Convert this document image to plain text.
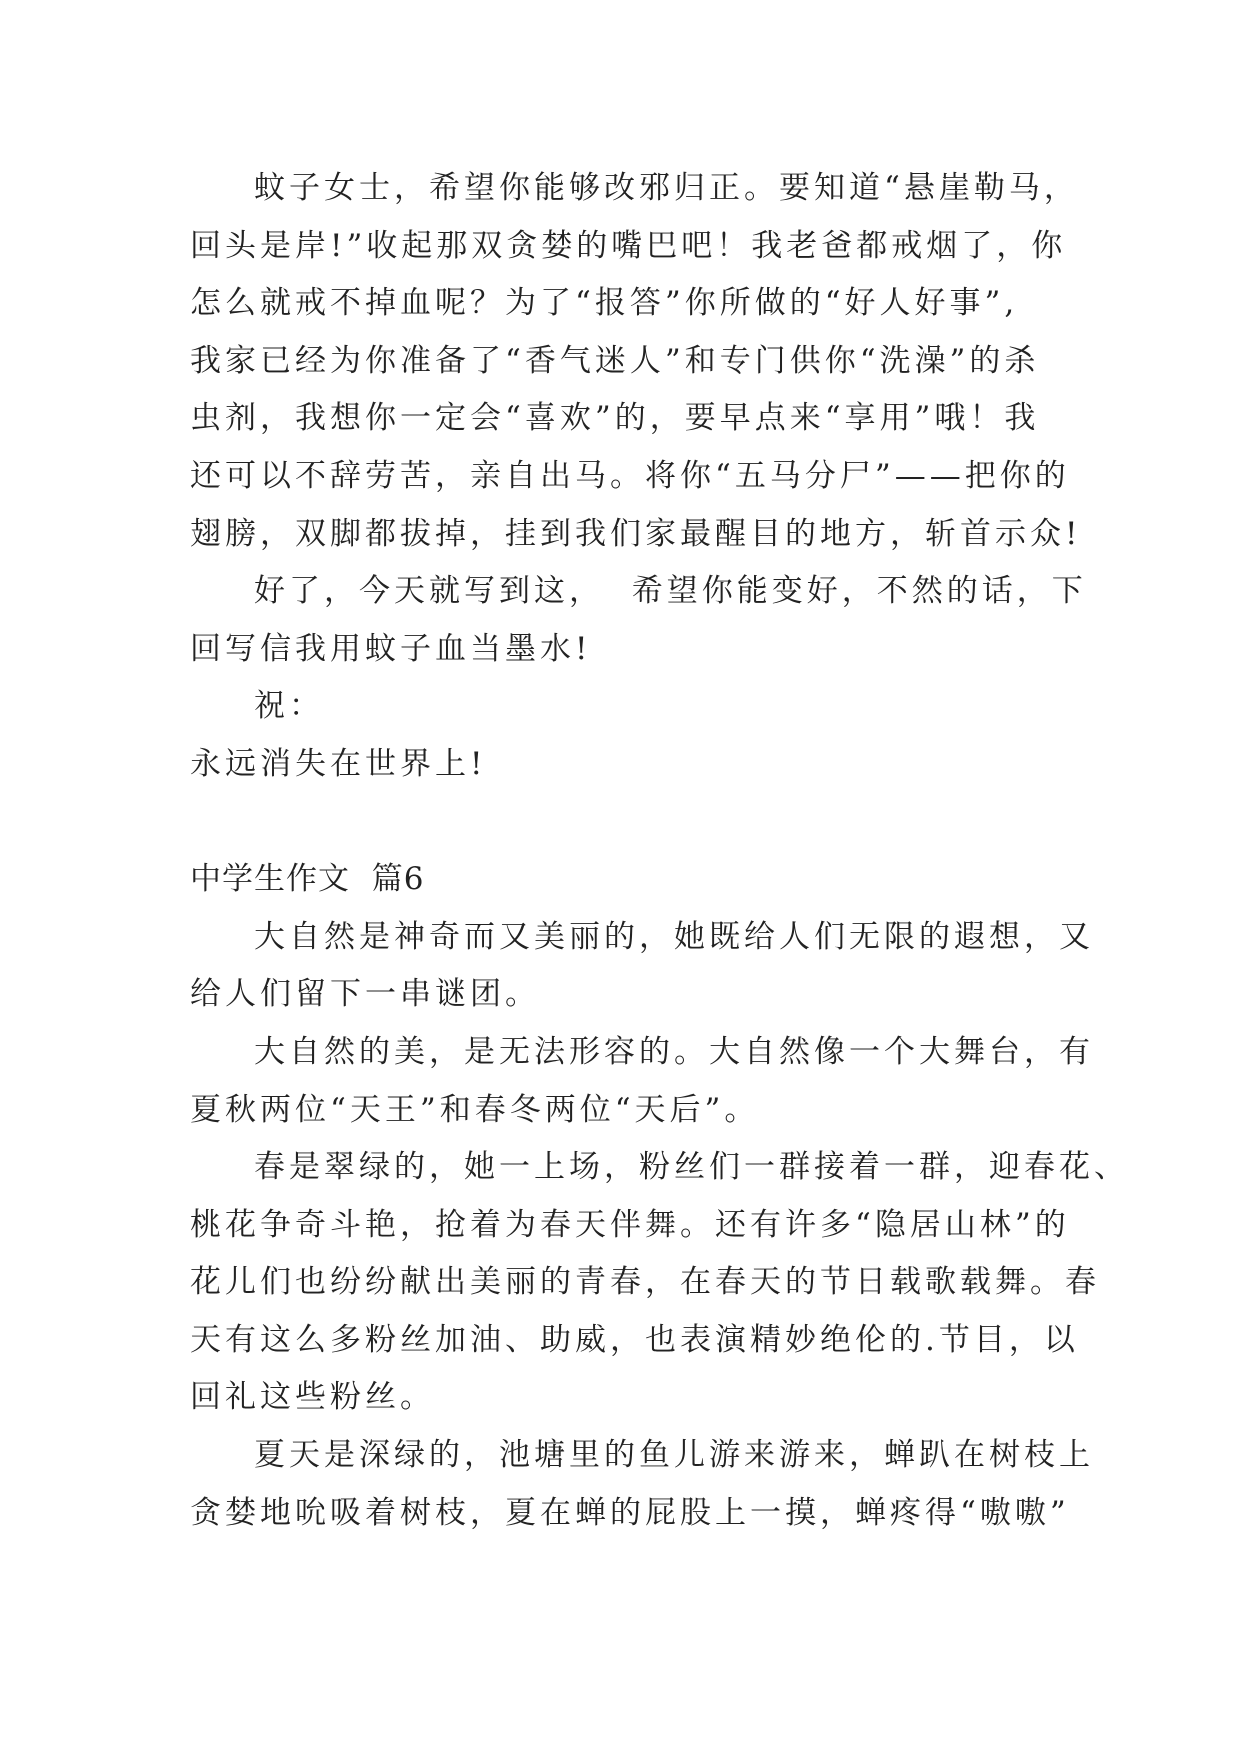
蚊子女士，希望你能够改邪归正。要知道“悬崖勒马，
回头是岸!”收起那双贪婪的嘴巴吧！我老爸都戒烟了，你
怎么就戒不掉血呢？为了“报答”你所做的“好人好事”,
我家已经为你准备了“香气迷人”和专门供你“洗澡”的杀
虫剂，我想你一定会“喜欢”的，要早点来“享用”哦！我
还可以不辞劳苦，亲自出马。将你“五马分尸”——把你的
翅膀，双脚都拔掉，挂到我们家最醒目的地方，斩首示众!
好了，今天就写到这，  希望你能变好，不然的话，下
回写信我用蚊子血当墨水!
祝：
永远消失在世界上!
中学生作文  篇6
大自然是神奇而又美丽的，她既给人们无限的遐想，又
给人们留下一串谜团。
大自然的美，是无法形容的。大自然像一个大舞台，有
夏秋两位“天王”和春冬两位“天后”。
春是翠绿的，她一上场，粉丝们一群接着一群，迎春花、
桃花争奇斗艳，抢着为春天伴舞。还有许多“隐居山林”的
花儿们也纷纷献出美丽的青春，在春天的节日载歌载舞。春
天有这么多粉丝加油、助威，也表演精妙绝伦的.节目，以
回礼这些粉丝。
夏天是深绿的，池塘里的鱼儿游来游来，蝉趴在树枝上
贪婪地吮吸着树枝，夏在蝉的屁股上一摸，蝉疼得“嗷嗷”
